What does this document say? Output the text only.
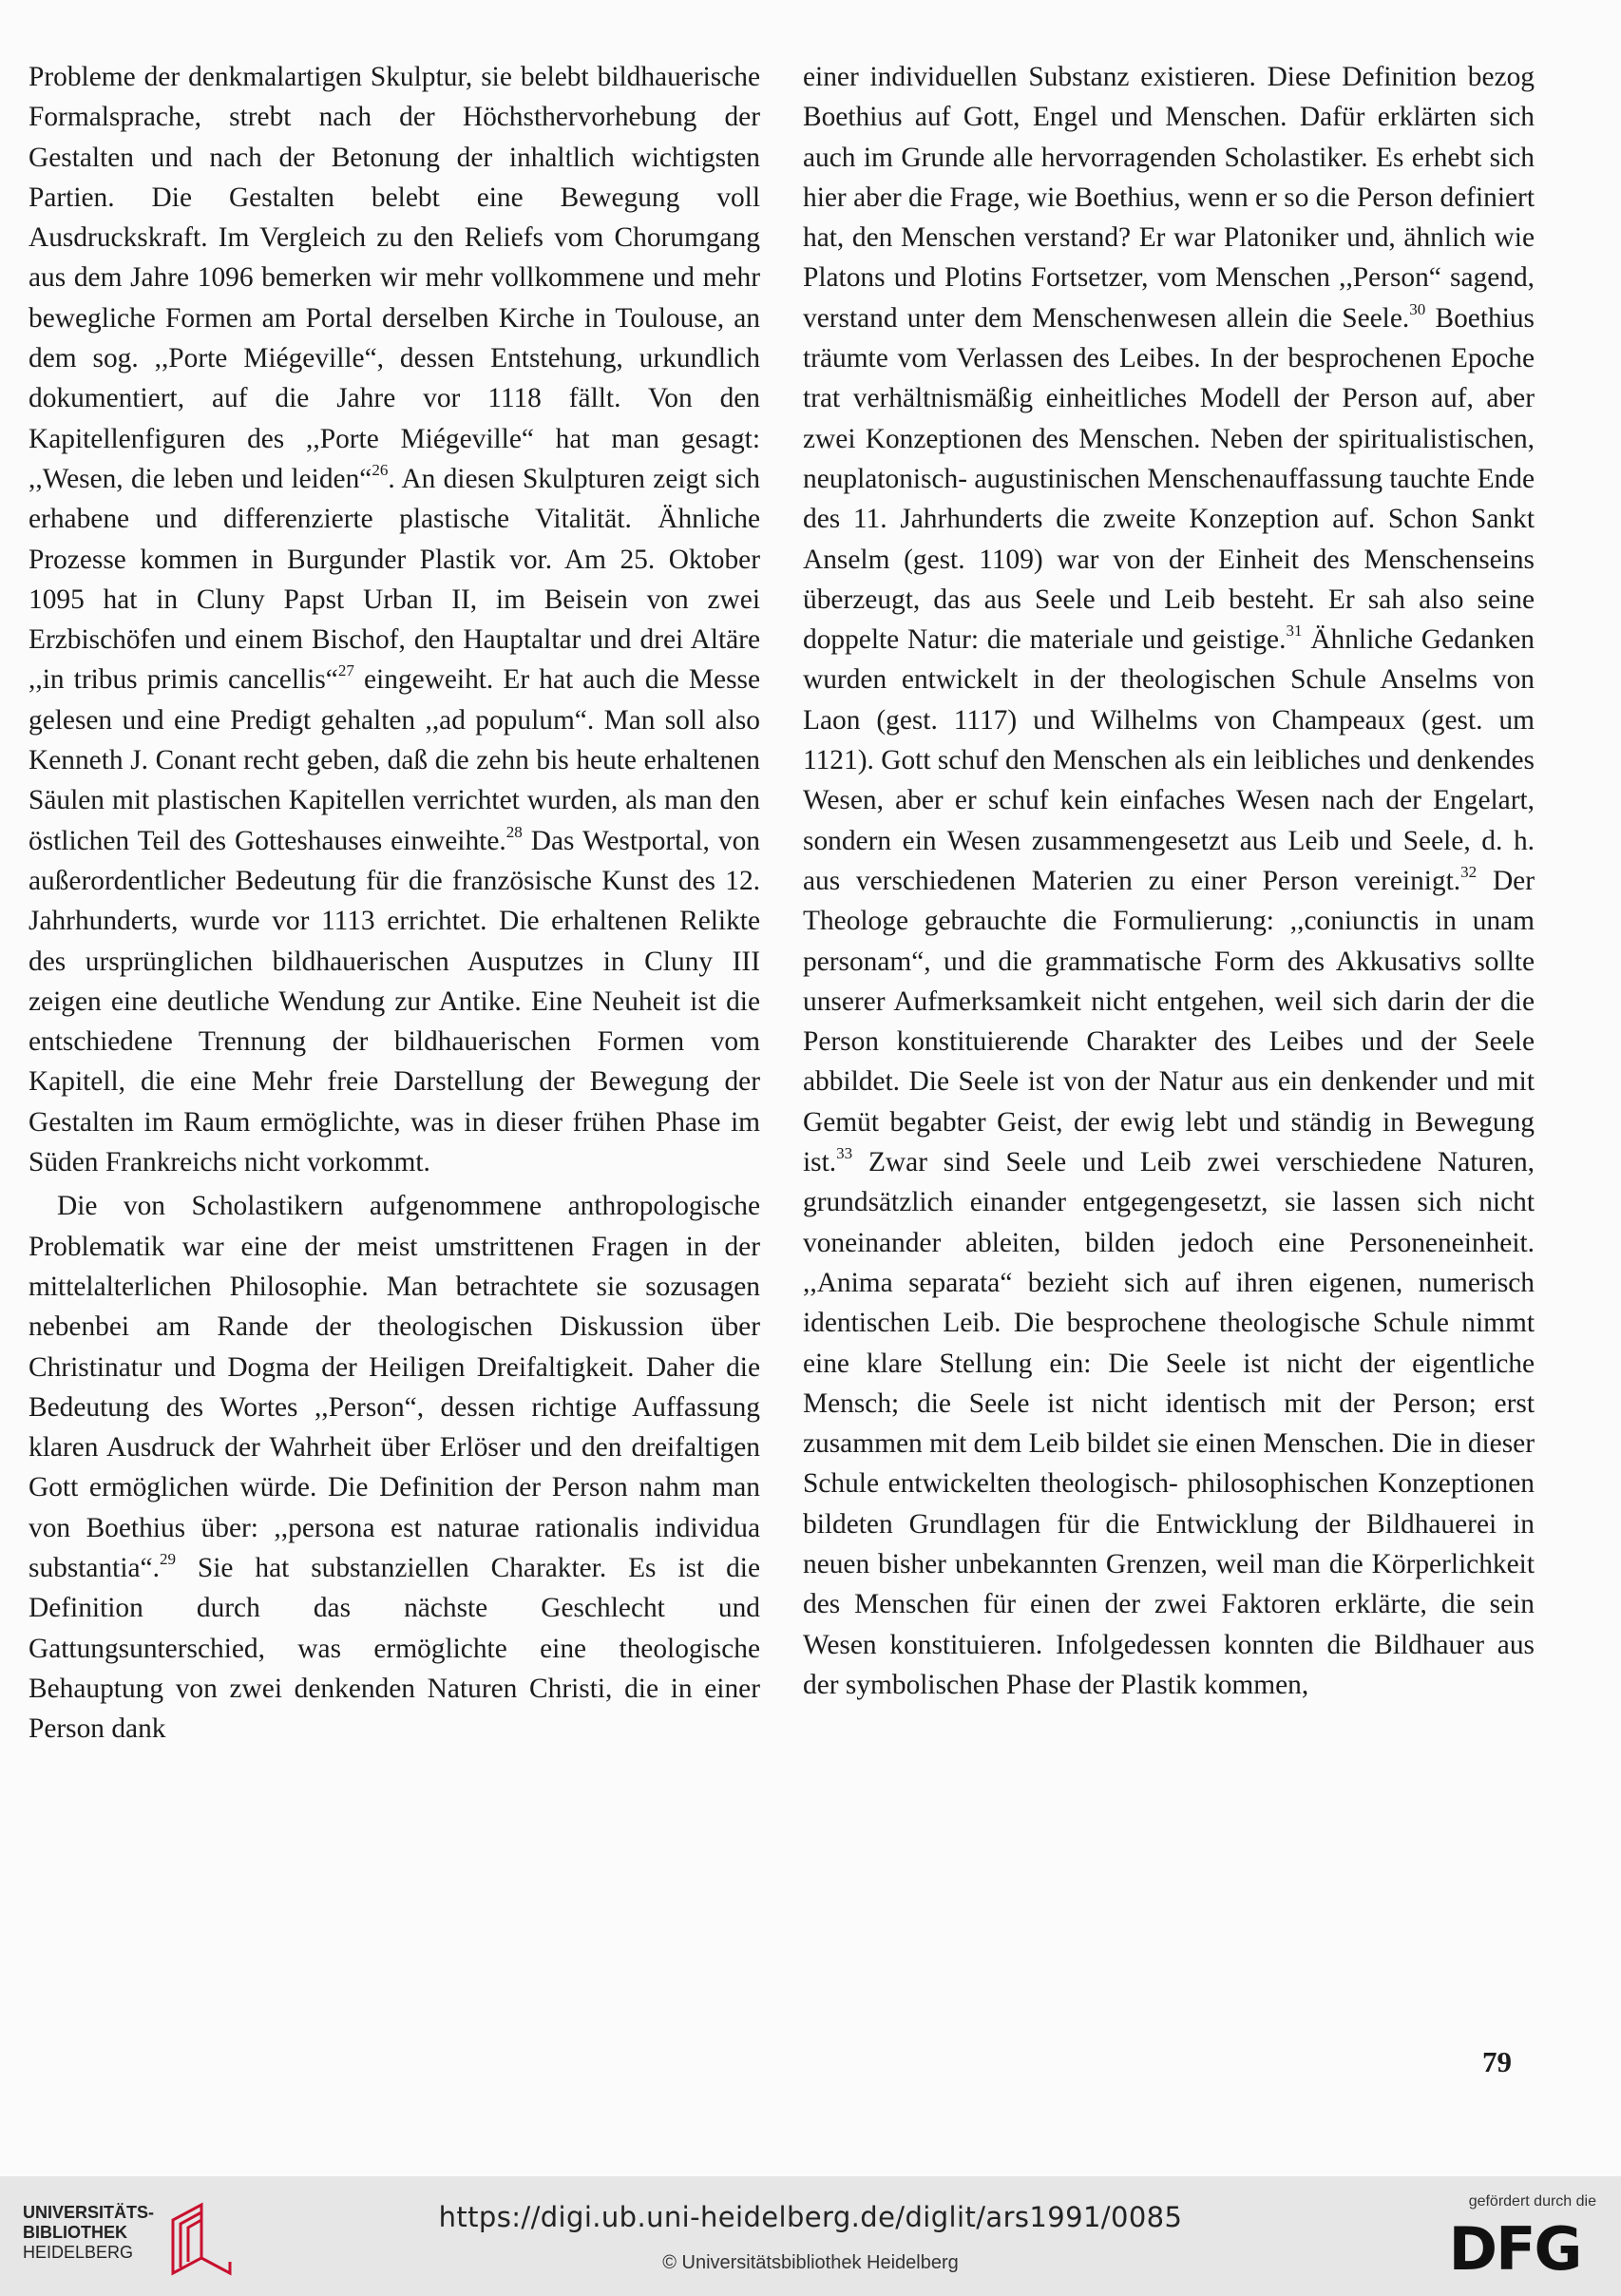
Probleme der denkmalartigen Skulptur, sie belebt bildhauerische Formalsprache, strebt nach der Höchsthervorhebung der Gestalten und nach der Betonung der inhaltlich wichtigsten Partien. Die Gestalten belebt eine Bewegung voll Ausdruckskraft. Im Vergleich zu den Reliefs vom Chorumgang aus dem Jahre 1096 bemerken wir mehr vollkommene und mehr bewegliche Formen am Portal derselben Kirche in Toulouse, an dem sog. ,,Porte Miégeville“, dessen Entstehung, urkundlich dokumentiert, auf die Jahre vor 1118 fällt. Von den Kapitellenfiguren des ,,Porte Miégeville“ hat man gesagt: ,,Wesen, die leben und leiden“$^{26}$. An diesen Skulpturen zeigt sich erhabene und differenzierte plastische Vitalität. Ähnliche Prozesse kommen in Burgunder Plastik vor. Am 25. Oktober 1095 hat in Cluny Papst Urban II, im Beisein von zwei Erzbischöfen und einem Bischof, den Hauptaltar und drei Altäre ,,in tribus primis cancellis“$^{27}$ eingeweiht. Er hat auch die Messe gelesen und eine Predigt gehalten ,,ad populum“. Man soll also Kenneth J. Conant recht geben, daß die zehn bis heute erhaltenen Säulen mit plastischen Kapitellen verrichtet wurden, als man den östlichen Teil des Gotteshauses einweihte.$^{28}$ Das Westportal, von außerordentlicher Bedeutung für die französische Kunst des 12. Jahrhunderts, wurde vor 1113 errichtet. Die erhaltenen Relikte des ursprünglichen bildhauerischen Ausputzes in Cluny III zeigen eine deutliche Wendung zur Antike. Eine Neuheit ist die entschiedene Trennung der bildhauerischen Formen vom Kapitell, die eine Mehr freie Darstellung der Bewegung der Gestalten im Raum ermöglichte, was in dieser frühen Phase im Süden Frankreichs nicht vorkommt.

Die von Scholastikern aufgenommene anthropologische Problematik war eine der meist umstrittenen Fragen in der mittelalterlichen Philosophie. Man betrachtete sie sozusagen nebenbei am Rande der theologischen Diskussion über Christinatur und Dogma der Heiligen Dreifaltigkeit. Daher die Bedeutung des Wortes ,,Person“, dessen richtige Auffassung klaren Ausdruck der Wahrheit über Erlöser und den dreifaltigen Gott ermöglichen würde. Die Definition der Person nahm man von Boethius über: ,,persona est naturae rationalis individua substantia“.$^{29}$ Sie hat substanziellen Charakter. Es ist die Definition durch das nächste Geschlecht und Gattungsunterschied, was ermöglichte eine theologische Behauptung von zwei denkenden Naturen Christi, die in einer Person dank

einer individuellen Substanz existieren. Diese Definition bezog Boethius auf Gott, Engel und Menschen. Dafür erklärten sich auch im Grunde alle hervorragenden Scholastiker. Es erhebt sich hier aber die Frage, wie Boethius, wenn er so die Person definiert hat, den Menschen verstand? Er war Platoniker und, ähnlich wie Platons und Plotins Fortsetzer, vom Menschen ,,Person“ sagend, verstand unter dem Menschenwesen allein die Seele.$^{30}$ Boethius träumte vom Verlassen des Leibes. In der besprochenen Epoche trat verhältnismäßig einheitliches Modell der Person auf, aber zwei Konzeptionen des Menschen. Neben der spiritualistischen, neuplatonisch- augustinischen Menschenauffassung tauchte Ende des 11. Jahrhunderts die zweite Konzeption auf. Schon Sankt Anselm (gest. 1109) war von der Einheit des Menschenseins überzeugt, das aus Seele und Leib besteht. Er sah also seine doppelte Natur: die materiale und geistige.$^{31}$ Ähnliche Gedanken wurden entwickelt in der theologischen Schule Anselms von Laon (gest. 1117) und Wilhelms von Champeaux (gest. um 1121). Gott schuf den Menschen als ein leibliches und denkendes Wesen, aber er schuf kein einfaches Wesen nach der Engelart, sondern ein Wesen zusammengesetzt aus Leib und Seele, d. h. aus verschiedenen Materien zu einer Person vereinigt.$^{32}$ Der Theologe gebrauchte die Formulierung: ,,coniunctis in unam personam“, und die grammatische Form des Akkusativs sollte unserer Aufmerksamkeit nicht entgehen, weil sich darin der die Person konstituierende Charakter des Leibes und der Seele abbildet. Die Seele ist von der Natur aus ein denkender und mit Gemüt begabter Geist, der ewig lebt und ständig in Bewegung ist.$^{33}$ Zwar sind Seele und Leib zwei verschiedene Naturen, grundsätzlich einander entgegengesetzt, sie lassen sich nicht voneinander ableiten, bilden jedoch eine Personeneinheit. ,,Anima separata“ bezieht sich auf ihren eigenen, numerisch identischen Leib. Die besprochene theologische Schule nimmt eine klare Stellung ein: Die Seele ist nicht der eigentliche Mensch; die Seele ist nicht identisch mit der Person; erst zusammen mit dem Leib bildet sie einen Menschen. Die in dieser Schule entwickelten theologisch- philosophischen Konzeptionen bildeten Grundlagen für die Entwicklung der Bildhauerei in neuen bisher unbekannten Grenzen, weil man die Körperlichkeit des Menschen für einen der zwei Faktoren erklärte, die sein Wesen konstituieren. Infolgedessen konnten die Bildhauer aus der symbolischen Phase der Plastik kommen,

79
UNIVERSITÄTS-
BIBLIOTHEK
HEIDELBERG
https://digi.ub.uni-heidelberg.de/diglit/ars1991/0085
© Universitätsbibliothek Heidelberg
gefördert durch die
DFG
